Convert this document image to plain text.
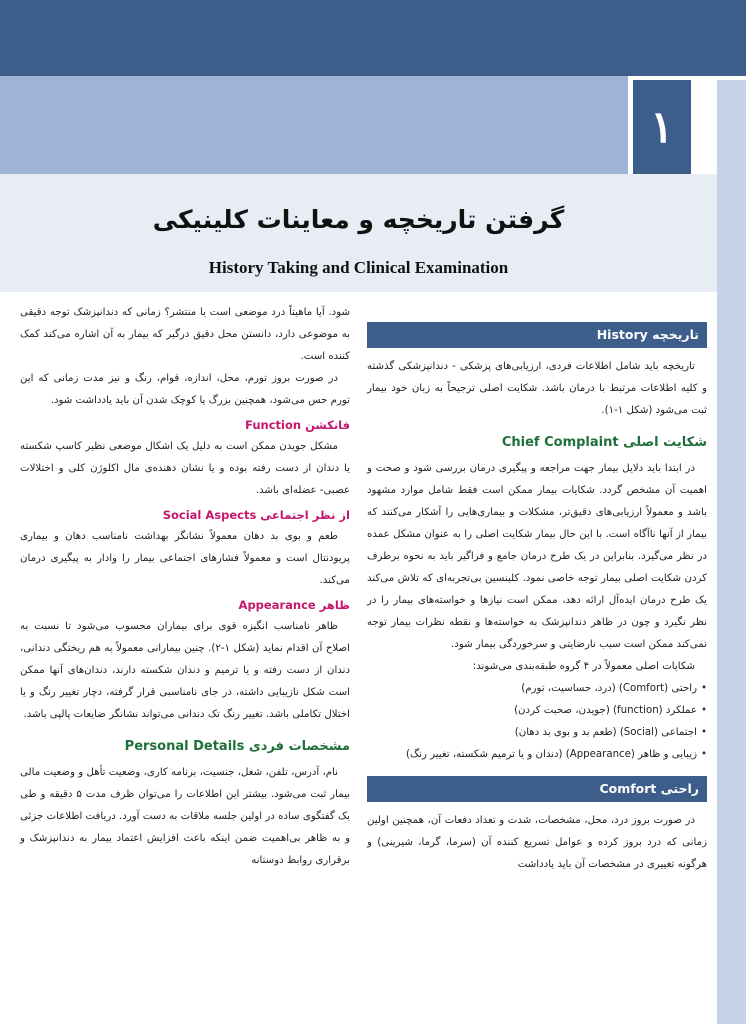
۱
گرفتن تاریخچه و معاینات کلینیکی
History Taking and Clinical Examination
تاریخچه History

تاریخچه باید شامل اطلاعات فردی، ارزیابی‌های پزشکی - دندانپزشکی گذشته و کلیه اطلاعات مرتبط با درمان باشد. شکایت اصلی ترجیحاً به زبان خود بیمار ثبت می‌شود (شکل ۱-۱).

شکایت اصلی Chief Complaint

در ابتدا باید دلایل بیمار جهت مراجعه و پیگیری درمان بررسی شود و صحت و اهمیت آن مشخص گردد. شکایات بیمار ممکن است فقط شامل موارد مشهود باشد و معمولاً ارزیابی‌های دقیق‌تر، مشکلات و بیماری‌هایی را آشکار می‌کنند که بیمار از آنها ناآگاه است. با این حال بیمار شکایت اصلی را به عنوان مشکل عمده در نظر می‌گیرد. بنابراین در یک طرح درمان جامع و فراگیر باید به نحوه برطرف کردن شکایت اصلی بیمار توجه خاصی نمود. کلینسین بی‌تجربه‌ای که تلاش می‌کند یک طرح درمان ایده‌آل ارائه دهد، ممکن است نیازها و خواسته‌های بیمار را در نظر نگیرد و چون در ظاهر دندانپزشک به خواسته‌ها و نقطه نظرات بیمار توجه نمی‌کند ممکن است سبب نارضایتی و سرخوردگی بیمار شود.

شکایات اصلی معمولاً در ۴ گروه طبقه‌بندی می‌شوند:

• راحتی (Comfort) (درد، حساسیت، تورم)
• عملکرد (function) (جویدن، صحبت کردن)
• اجتماعی (Social) (طعم بد و بوی بد دهان)
• زیبایی و ظاهر (Appearance) (دندان و یا ترمیم شکسته، تغییر رنگ)
راحتی Comfort

در صورت بروز درد، محل، مشخصات، شدت و تعداد دفعات آن، همچنین اولین زمانی که درد بروز کرده و عوامل تسریع کننده آن (سرما، گرما، شیرینی) و هرگونه تغییری در مشخصات آن باید یادداشت

شود. آیا ماهیتاً درد موضعی است یا منتشر؟ زمانی که دندانپزشک توجه دقیقی به موضوعی دارد، دانستن محل دقیق درگیر که بیمار به آن اشاره می‌کند کمک کننده است.

در صورت بروز تورم، محل، اندازه، قوام، رنگ و نیز مدت زمانی که این تورم حس می‌شود، همچنین بزرگ یا کوچک شدن آن باید یادداشت شود.

فانکشن Function

مشکل جویدن ممکن است به دلیل یک اشکال موضعی نظیر کاسپ شکسته یا دندان از دست رفته بوده و یا نشان دهنده‌ی مال اکلوژن کلی و اختلالات عصبی- عضله‌ای باشد.

از نظر اجتماعی Social Aspects

طعم و بوی بد دهان معمولاً نشانگر بهداشت نامناسب دهان و بیماری پریودنتال است و معمولاً فشارهای اجتماعی بیمار را وادار به پیگیری درمان می‌کند.

ظاهر Appearance

ظاهر نامناسب انگیزه قوی برای بیماران محسوب می‌شود تا نسبت به اصلاح آن اقدام نماید (شکل ۱-۲). چنین بیمارانی معمولاً به هم ریختگی دندانی، دندان از دست رفته و یا ترمیم و دندان شکسته دارند، دندان‌های آنها ممکن است شکل نازیبایی داشته، در جای نامناسبی قرار گرفته، دچار تغییر رنگ و یا اختلال تکاملی باشد. تغییر رنگ تک دندانی می‌تواند نشانگر ضایعات پالپی باشد.

مشخصات فردی Personal Details

نام، آدرس، تلفن، شغل، جنسیت، برنامه کاری، وضعیت تأهل و وضعیت مالی بیمار ثبت می‌شود. بیشتر این اطلاعات را می‌توان ظرف مدت ۵ دقیقه و طی یک گفتگوی ساده در اولین جلسه ملاقات به دست آورد. دریافت اطلاعات جزئی و به ظاهر بی‌اهمیت ضمن اینکه باعث افزایش اعتماد بیمار به دندانپزشک و برقراری روابط دوستانه
